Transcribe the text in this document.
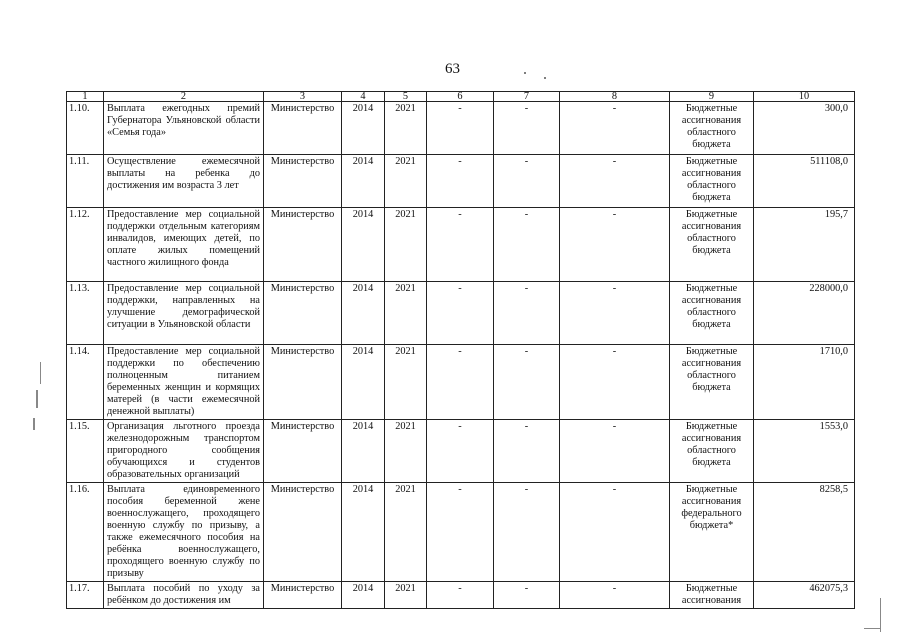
63
1	2	3	4	5	6	7	8	9	10
1.10.	Выплата ежегодных премий Губернатора Ульяновской области «Семья года»	Министерство	2014	2021	-	-	-	Бюджетные ассигнования областного бюджета	300,0
1.11.	Осуществление ежемесячной выплаты на ребенка до достижения им возраста 3 лет	Министерство	2014	2021	-	-	-	Бюджетные ассигнования областного бюджета	511108,0
1.12.	Предоставление мер социальной поддержки отдельным категориям инвалидов, имеющих детей, по оплате жилых помещений частного жилищного фонда	Министерство	2014	2021	-	-	-	Бюджетные ассигнования областного бюджета	195,7
1.13.	Предоставление мер социальной поддержки, направленных на улучшение демографической ситуации в Ульяновской области	Министерство	2014	2021	-	-	-	Бюджетные ассигнования областного бюджета	228000,0
1.14.	Предоставление мер социальной поддержки по обеспечению полноценным питанием беременных женщин и кормящих матерей (в части ежемесячной денежной выплаты)	Министерство	2014	2021	-	-	-	Бюджетные ассигнования областного бюджета	1710,0
1.15.	Организация льготного проезда железнодорожным транспортом пригородного сообщения обучающихся и студентов образовательных организаций	Министерство	2014	2021	-	-	-	Бюджетные ассигнования областного бюджета	1553,0
1.16.	Выплата единовременного пособия беременной жене военнослужащего, проходящего военную службу по призыву, а также ежемесячного пособия на ребёнка военнослужащего, проходящего военную службу по призыву	Министерство	2014	2021	-	-	-	Бюджетные ассигнования федерального бюджета*	8258,5
1.17.	Выплата пособий по уходу за ребёнком до достижения им	Министерство	2014	2021	-	-	-	Бюджетные ассигнования	462075,3
